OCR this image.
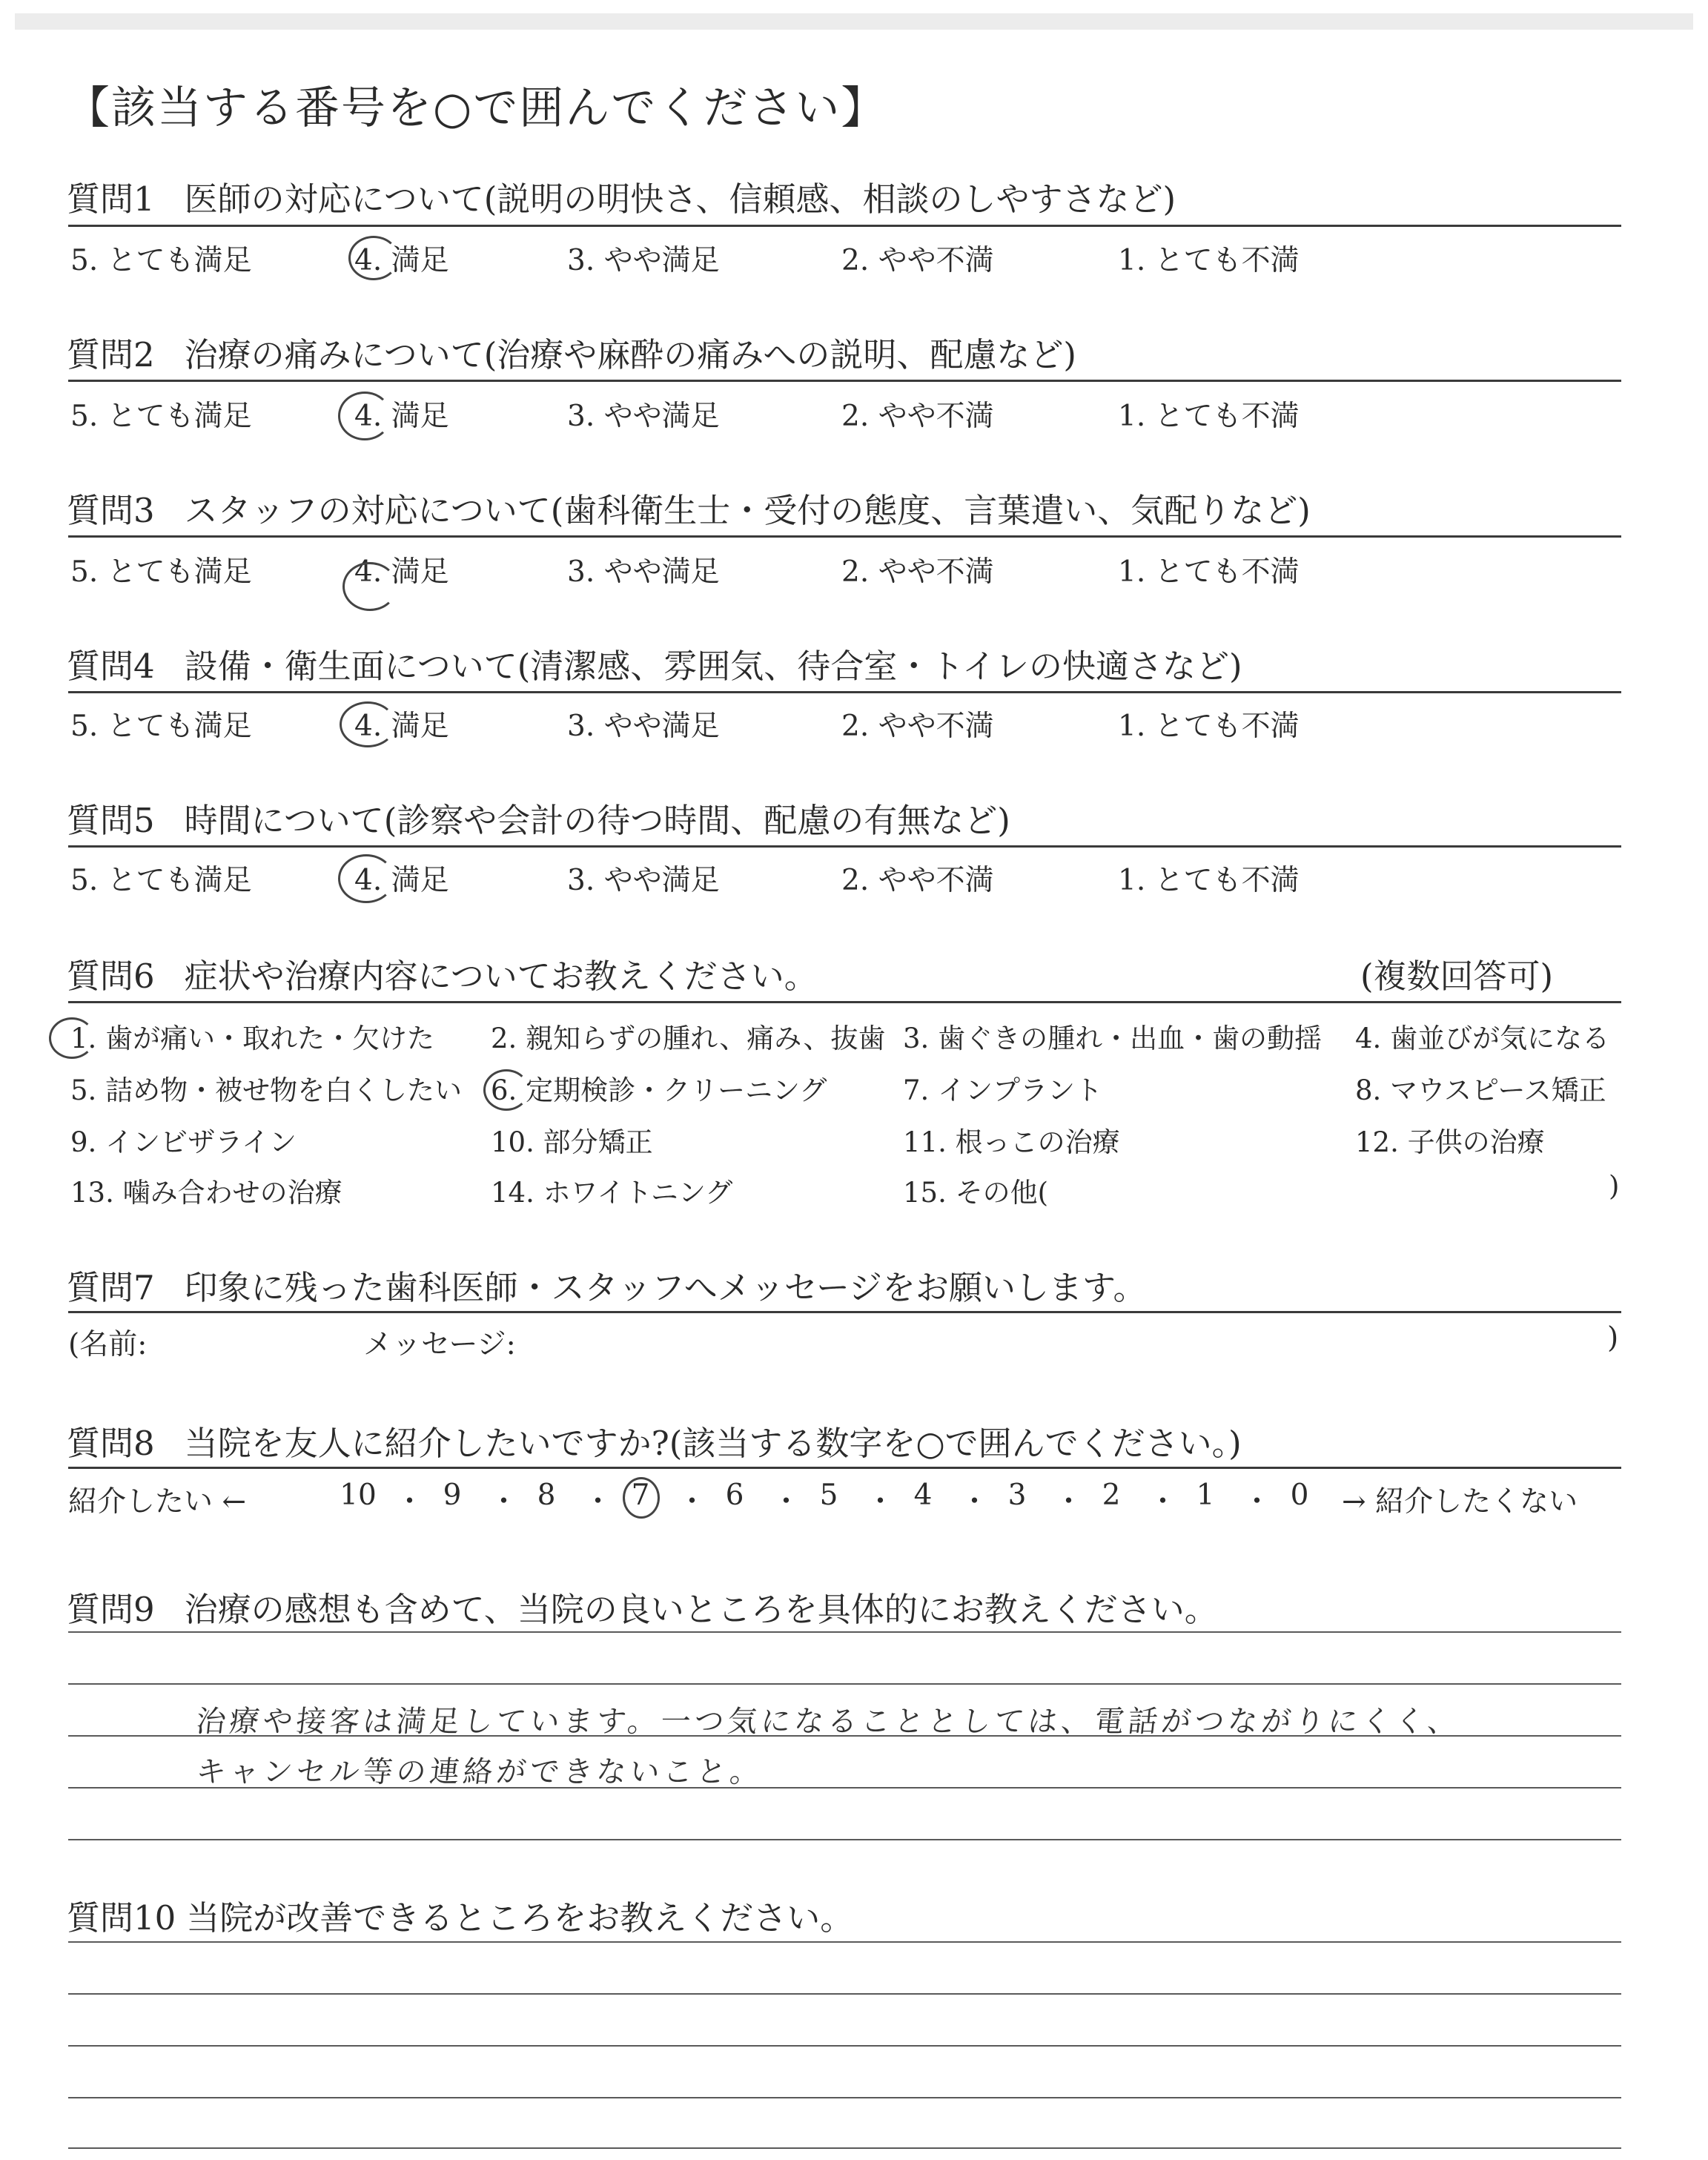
【該当する番号を○で囲んでください】
質問1 医師の対応について(説明の明快さ、信頼感、相談のしやすさなど)
5. とても満足	4. 満足	3. やや満足	2. やや不満	1. とても不満
質問2 治療の痛みについて(治療や麻酔の痛みへの説明、配慮など)
5. とても満足	4. 満足	3. やや満足	2. やや不満	1. とても不満
質問3 スタッフの対応について(歯科衛生士・受付の態度、言葉遣い、気配りなど)
5. とても満足	4. 満足	3. やや満足	2. やや不満	1. とても不満
質問4 設備・衛生面について(清潔感、雰囲気、待合室・トイレの快適さなど)
5. とても満足	4. 満足	3. やや満足	2. やや不満	1. とても不満
質問5 時間について(診察や会計の待つ時間、配慮の有無など)
5. とても満足	4. 満足	3. やや満足	2. やや不満	1. とても不満
質問6 症状や治療内容についてお教えください。	(複数回答可)
1. 歯が痛い・取れた・欠けた 2. 親知らずの腫れ、痛み、抜歯 3. 歯ぐきの腫れ・出血・歯の動揺 4. 歯並びが気になる
5. 詰め物・被せ物を白くしたい 6. 定期検診・クリーニング	7. インプラント	8. マウスピース矯正
9. インビザライン	10. 部分矯正	11. 根っこの治療	12. 子供の治療
13. 噛み合わせの治療	14. ホワイトニング	15. その他(	)
質問7 印象に残った歯科医師・スタッフへメッセージをお願いします。
(名前:	メッセージ:	)
質問8 当院を友人に紹介したいですか?(該当する数字を○で囲んでください。)
紹介したい ←	→ 紹介したくない
10 ・ 9 ・ 8 ・ 7 ・ 6 ・ 5 ・ 4 ・ 3 ・ 2 ・ 1 ・ 0
質問9 治療の感想も含めて、当院の良いところを具体的にお教えください。
治療や接客は満足しています。一つ気になることとしては、電話がつながりにくく、
キャンセル等の連絡ができないこと。
質問10 当院が改善できるところをお教えください。
